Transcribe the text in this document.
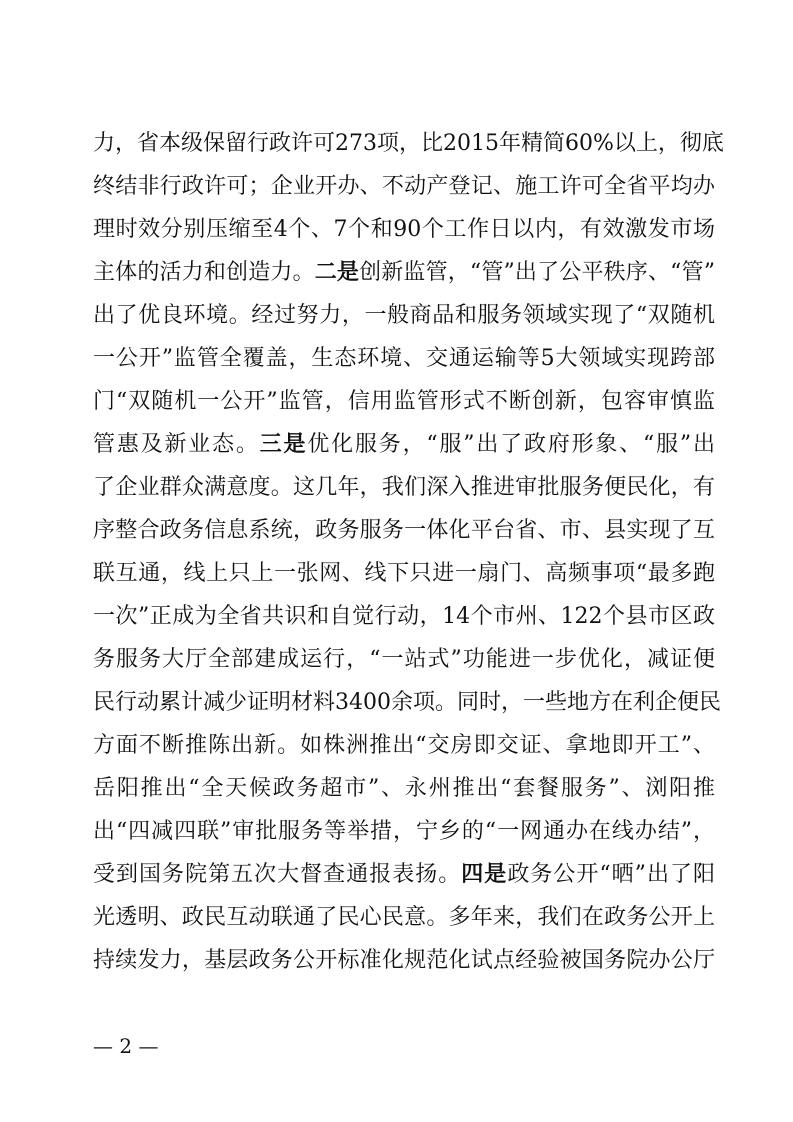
力，省本级保留行政许可273项，比2015年精简60%以上，彻底
终结非行政许可；企业开办、不动产登记、施工许可全省平均办
理时效分别压缩至4个、7个和90个工作日以内，有效激发市场
主体的活力和创造力。二是创新监管，“管”出了公平秩序、“管”
出了优良环境。经过努力，一般商品和服务领域实现了“双随机
一公开”监管全覆盖，生态环境、交通运输等5大领域实现跨部
门“双随机一公开”监管，信用监管形式不断创新，包容审慎监
管惠及新业态。三是优化服务，“服”出了政府形象、“服”出
了企业群众满意度。这几年，我们深入推进审批服务便民化，有
序整合政务信息系统，政务服务一体化平台省、市、县实现了互
联互通，线上只上一张网、线下只进一扇门、高频事项“最多跑
一次”正成为全省共识和自觉行动，14个市州、122个县市区政
务服务大厅全部建成运行，“一站式”功能进一步优化，减证便
民行动累计减少证明材料3400余项。同时，一些地方在利企便民
方面不断推陈出新。如株洲推出“交房即交证、拿地即开工”、
岳阳推出“全天候政务超市”、永州推出“套餐服务”、浏阳推
出“四减四联”审批服务等举措，宁乡的“一网通办在线办结”，
受到国务院第五次大督查通报表扬。四是政务公开“晒”出了阳
光透明、政民互动联通了民心民意。多年来，我们在政务公开上
持续发力，基层政务公开标准化规范化试点经验被国务院办公厅
— 2 —
